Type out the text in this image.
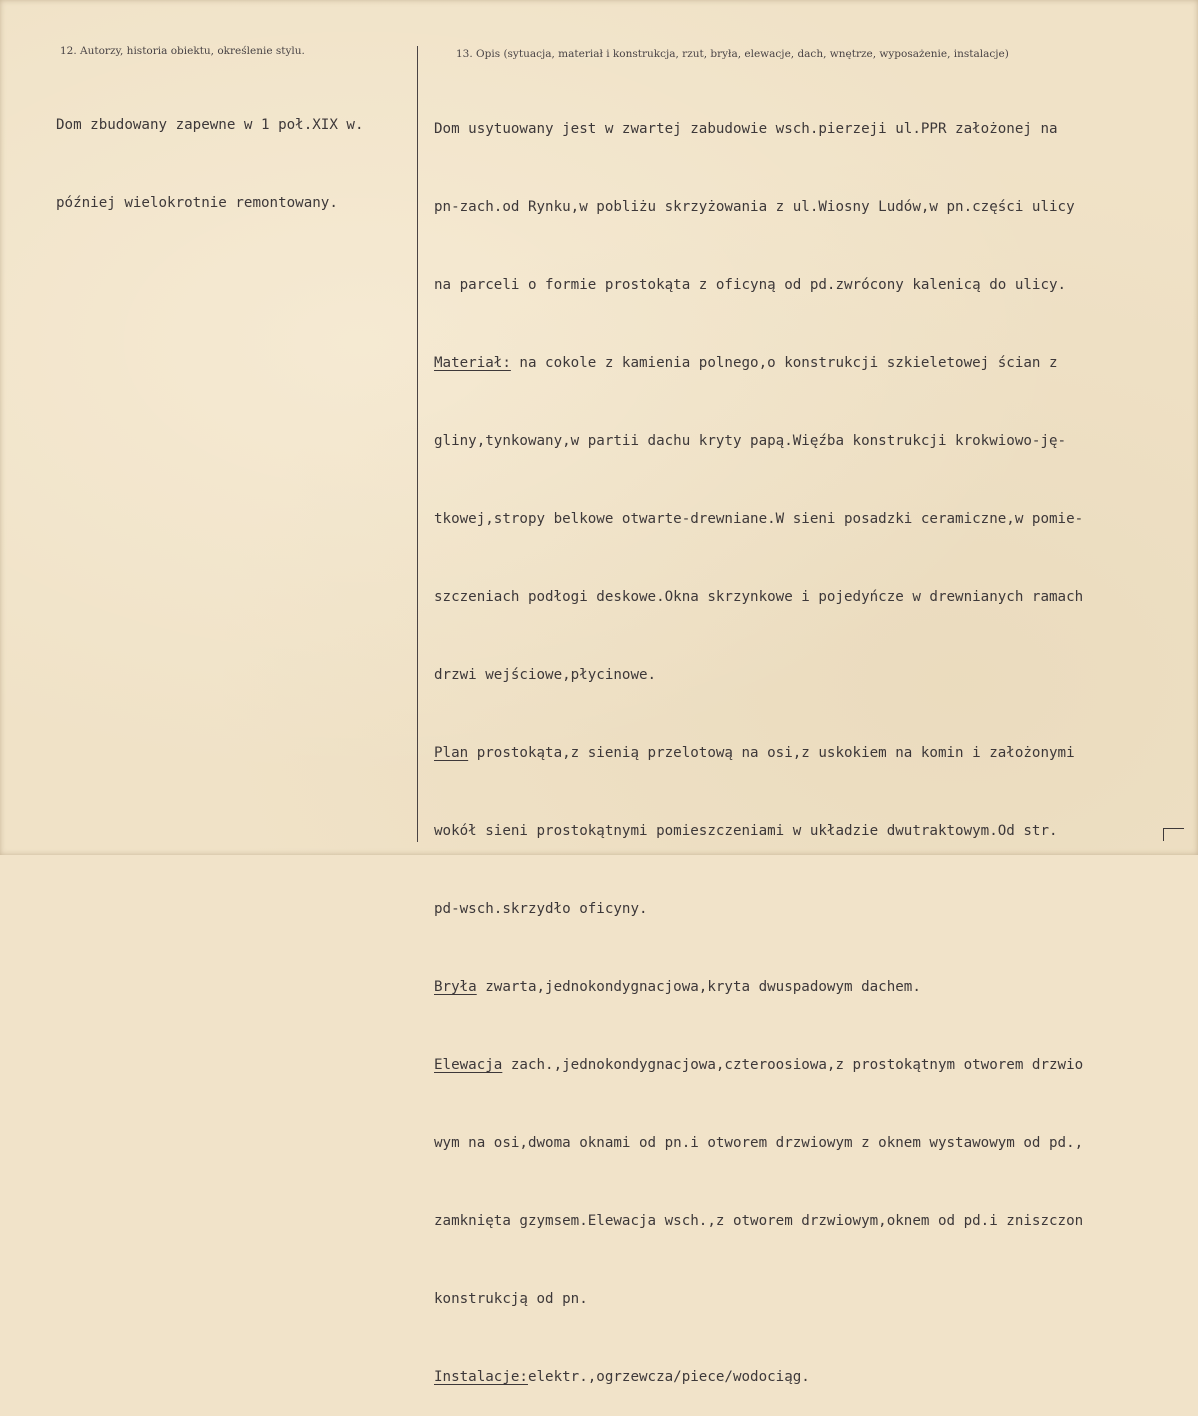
12. Autorzy, historia obiektu, określenie stylu.	13. Opis (sytuacja, materiał i konstrukcja, rzut, bryła, elewacje, dach, wnętrze, wyposażenie, instalacje)

Dom zbudowany zapewne w 1 poł.XIX w.

później wielokrotnie remontowany.

Dom usytuowany jest w zwartej zabudowie wsch.pierzeji ul.PPR założonej na

pn-zach.od Rynku,w pobliżu skrzyżowania z ul.Wiosny Ludów,w pn.części ulicy

na parceli o formie prostokąta z oficyną od pd.zwrócony kalenicą do ulicy.

Materiał: na cokole z kamienia polnego,o konstrukcji szkieletowej ścian z

gliny,tynkowany,w partii dachu kryty papą.Więźba konstrukcji krokwiowo-ję-

tkowej,stropy belkowe otwarte-drewniane.W sieni posadzki ceramiczne,w pomie-

szczeniach podłogi deskowe.Okna skrzynkowe i pojedyńcze w drewnianych ramach

drzwi wejściowe,płycinowe.

Plan prostokąta,z sienią przelotową na osi,z uskokiem na komin i założonymi

wokół sieni prostokątnymi pomieszczeniami w układzie dwutraktowym.Od str.

pd-wsch.skrzydło oficyny.

Bryła zwarta,jednokondygnacjowa,kryta dwuspadowym dachem.

Elewacja zach.,jednokondygnacjowa,czteroosiowa,z prostokątnym otworem drzwio

wym na osi,dwoma oknami od pn.i otworem drzwiowym z oknem wystawowym od pd.,

zamknięta gzymsem.Elewacja wsch.,z otworem drzwiowym,oknem od pd.i zniszczon

konstrukcją od pn.

Instalacje:elektr.,ogrzewcza/piece/wodociąg.
